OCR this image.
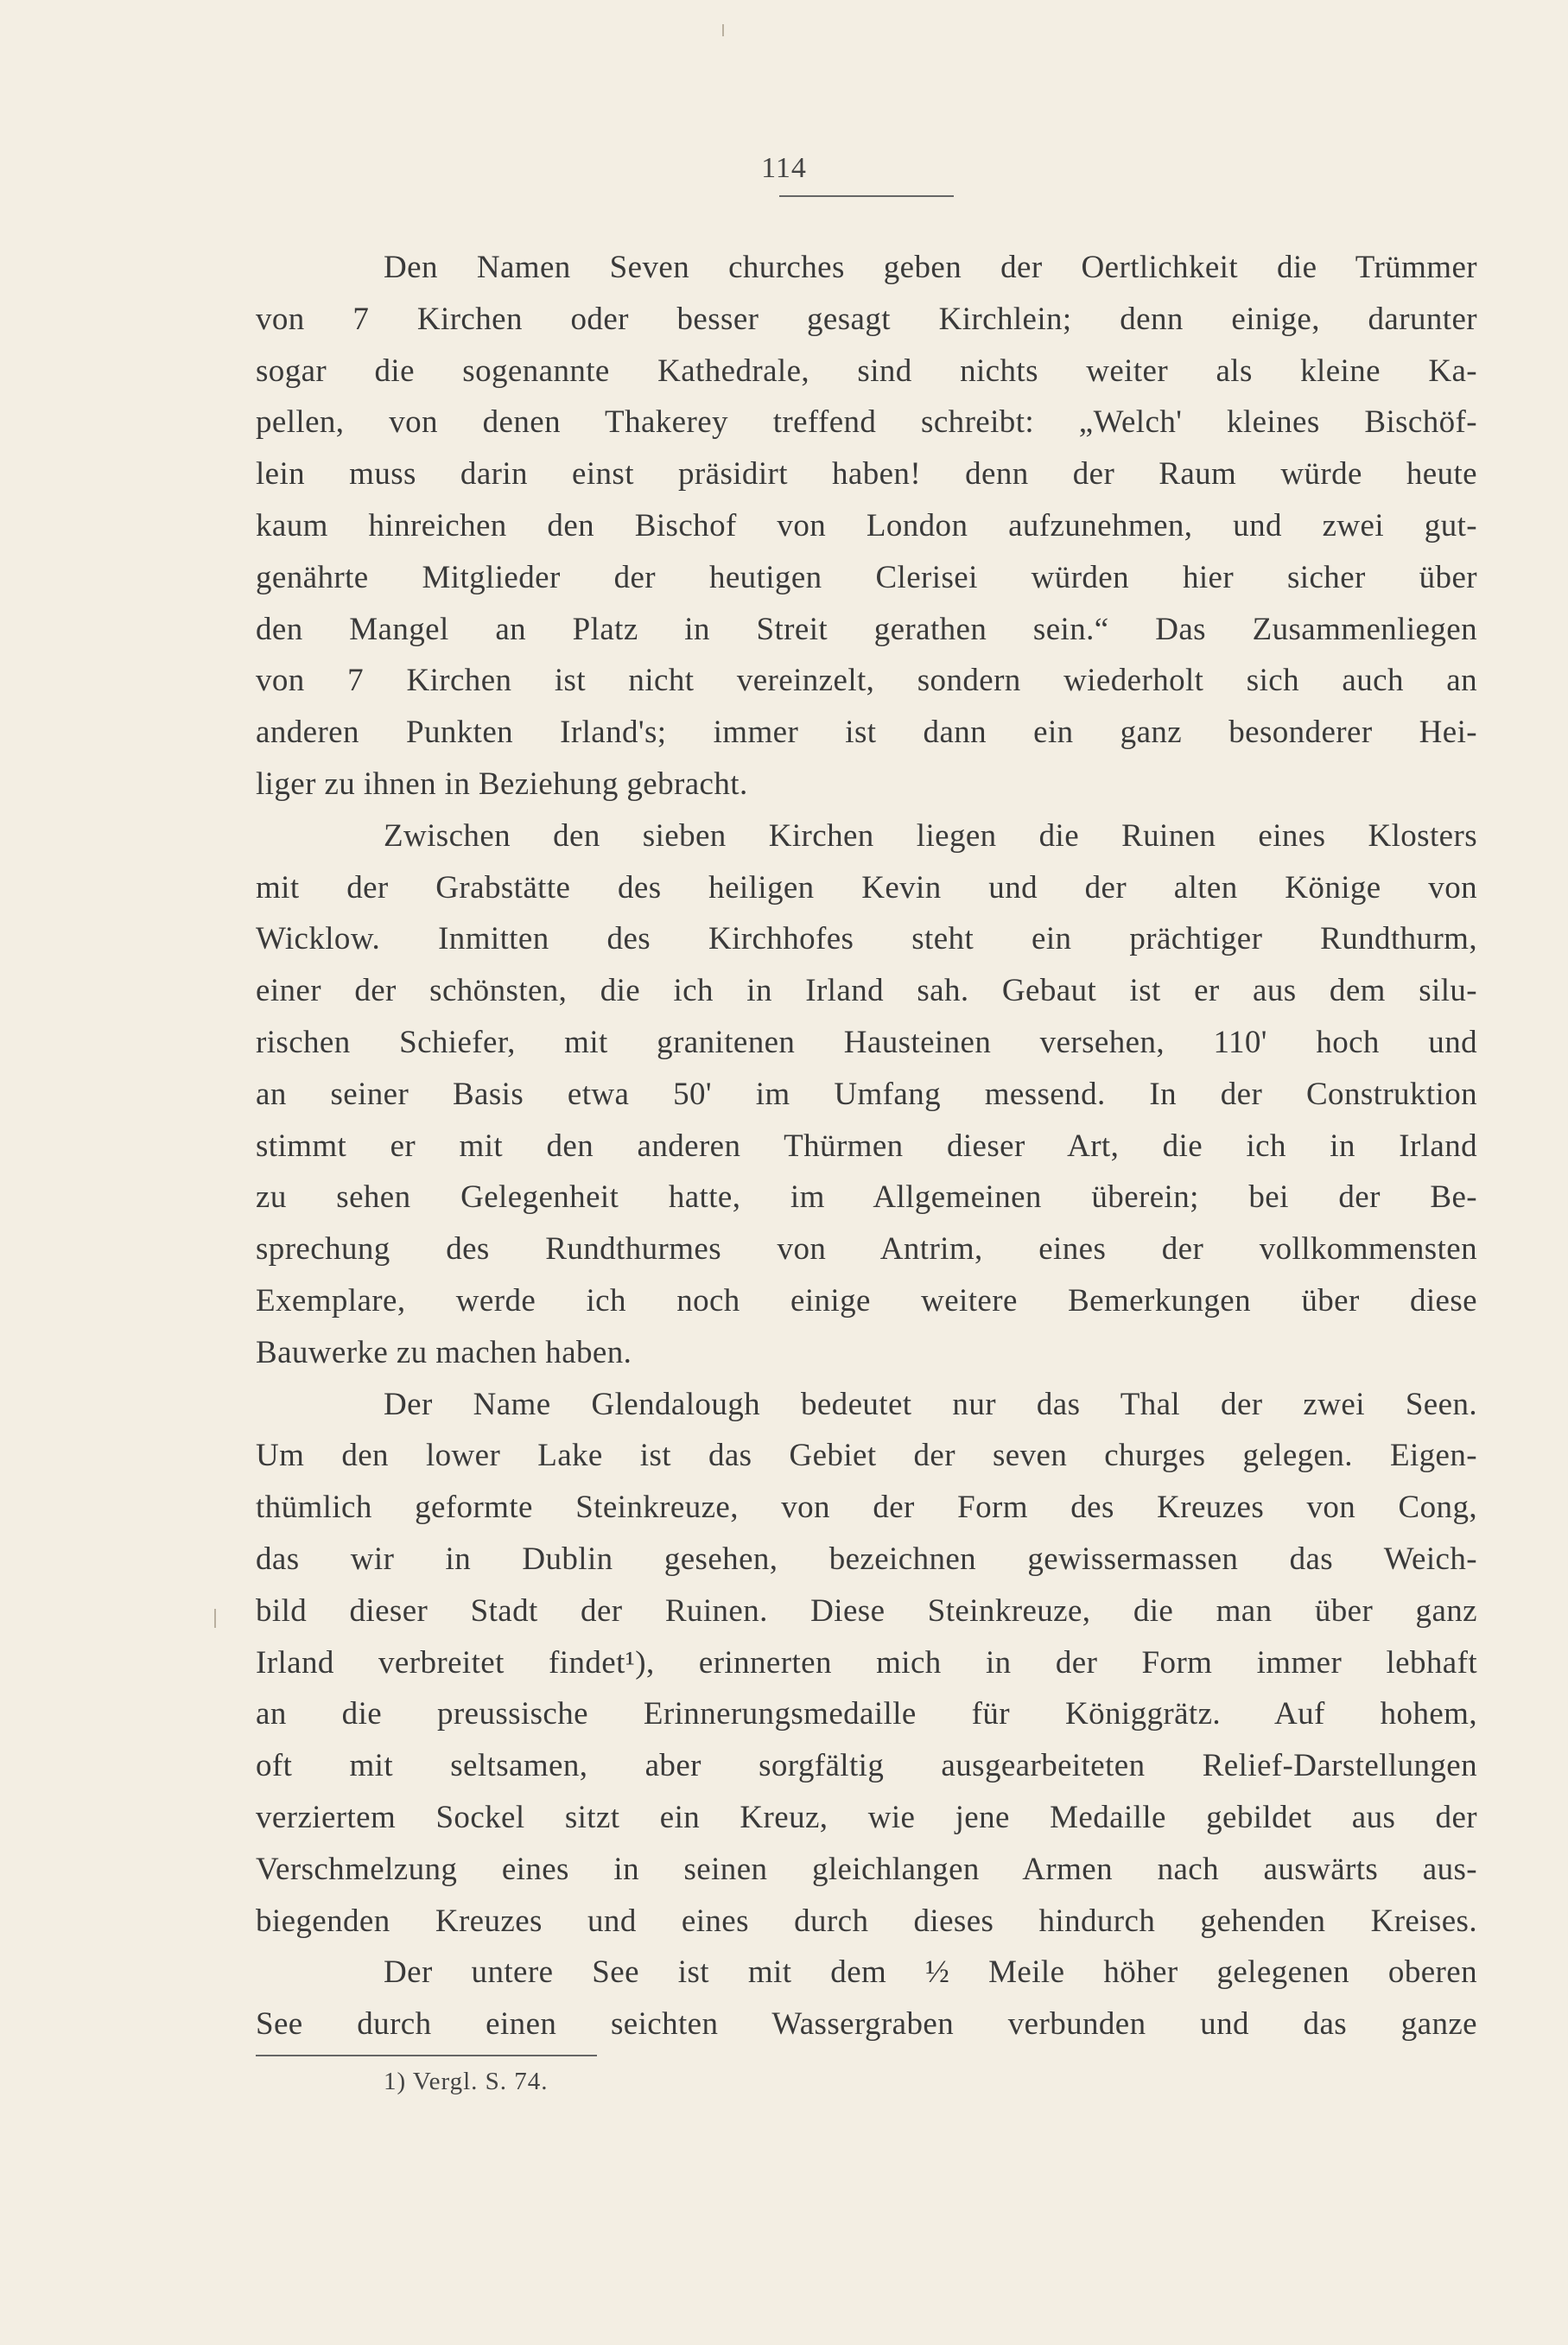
114
Den Namen Seven churches geben der Oertlichkeit die Trümmer
von 7 Kirchen oder besser gesagt Kirchlein; denn einige, darunter
sogar die sogenannte Kathedrale, sind nichts weiter als kleine Ka-
pellen, von denen Thakerey treffend schreibt: „Welch' kleines Bischöf-
lein muss darin einst präsidirt haben! denn der Raum würde heute
kaum hinreichen den Bischof von London aufzunehmen, und zwei gut-
genährte Mitglieder der heutigen Clerisei würden hier sicher über
den Mangel an Platz in Streit gerathen sein.“ Das Zusammenliegen
von 7 Kirchen ist nicht vereinzelt, sondern wiederholt sich auch an
anderen Punkten Irland's; immer ist dann ein ganz besonderer Hei-
liger zu ihnen in Beziehung gebracht.
Zwischen den sieben Kirchen liegen die Ruinen eines Klosters
mit der Grabstätte des heiligen Kevin und der alten Könige von
Wicklow. Inmitten des Kirchhofes steht ein prächtiger Rundthurm,
einer der schönsten, die ich in Irland sah. Gebaut ist er aus dem silu-
rischen Schiefer, mit granitenen Hausteinen versehen, 110' hoch und
an seiner Basis etwa 50' im Umfang messend. In der Construktion
stimmt er mit den anderen Thürmen dieser Art, die ich in Irland
zu sehen Gelegenheit hatte, im Allgemeinen überein; bei der Be-
sprechung des Rundthurmes von Antrim, eines der vollkommensten
Exemplare, werde ich noch einige weitere Bemerkungen über diese
Bauwerke zu machen haben.
Der Name Glendalough bedeutet nur das Thal der zwei Seen.
Um den lower Lake ist das Gebiet der seven churges gelegen. Eigen-
thümlich geformte Steinkreuze, von der Form des Kreuzes von Cong,
das wir in Dublin gesehen, bezeichnen gewissermassen das Weich-
bild dieser Stadt der Ruinen. Diese Steinkreuze, die man über ganz
Irland verbreitet findet¹), erinnerten mich in der Form immer lebhaft
an die preussische Erinnerungsmedaille für Königgrätz. Auf hohem,
oft mit seltsamen, aber sorgfältig ausgearbeiteten Relief-Darstellungen
verziertem Sockel sitzt ein Kreuz, wie jene Medaille gebildet aus der
Verschmelzung eines in seinen gleichlangen Armen nach auswärts aus-
biegenden Kreuzes und eines durch dieses hindurch gehenden Kreises.
Der untere See ist mit dem ½ Meile höher gelegenen oberen
See durch einen seichten Wassergraben verbunden und das ganze
1) Vergl. S. 74.
